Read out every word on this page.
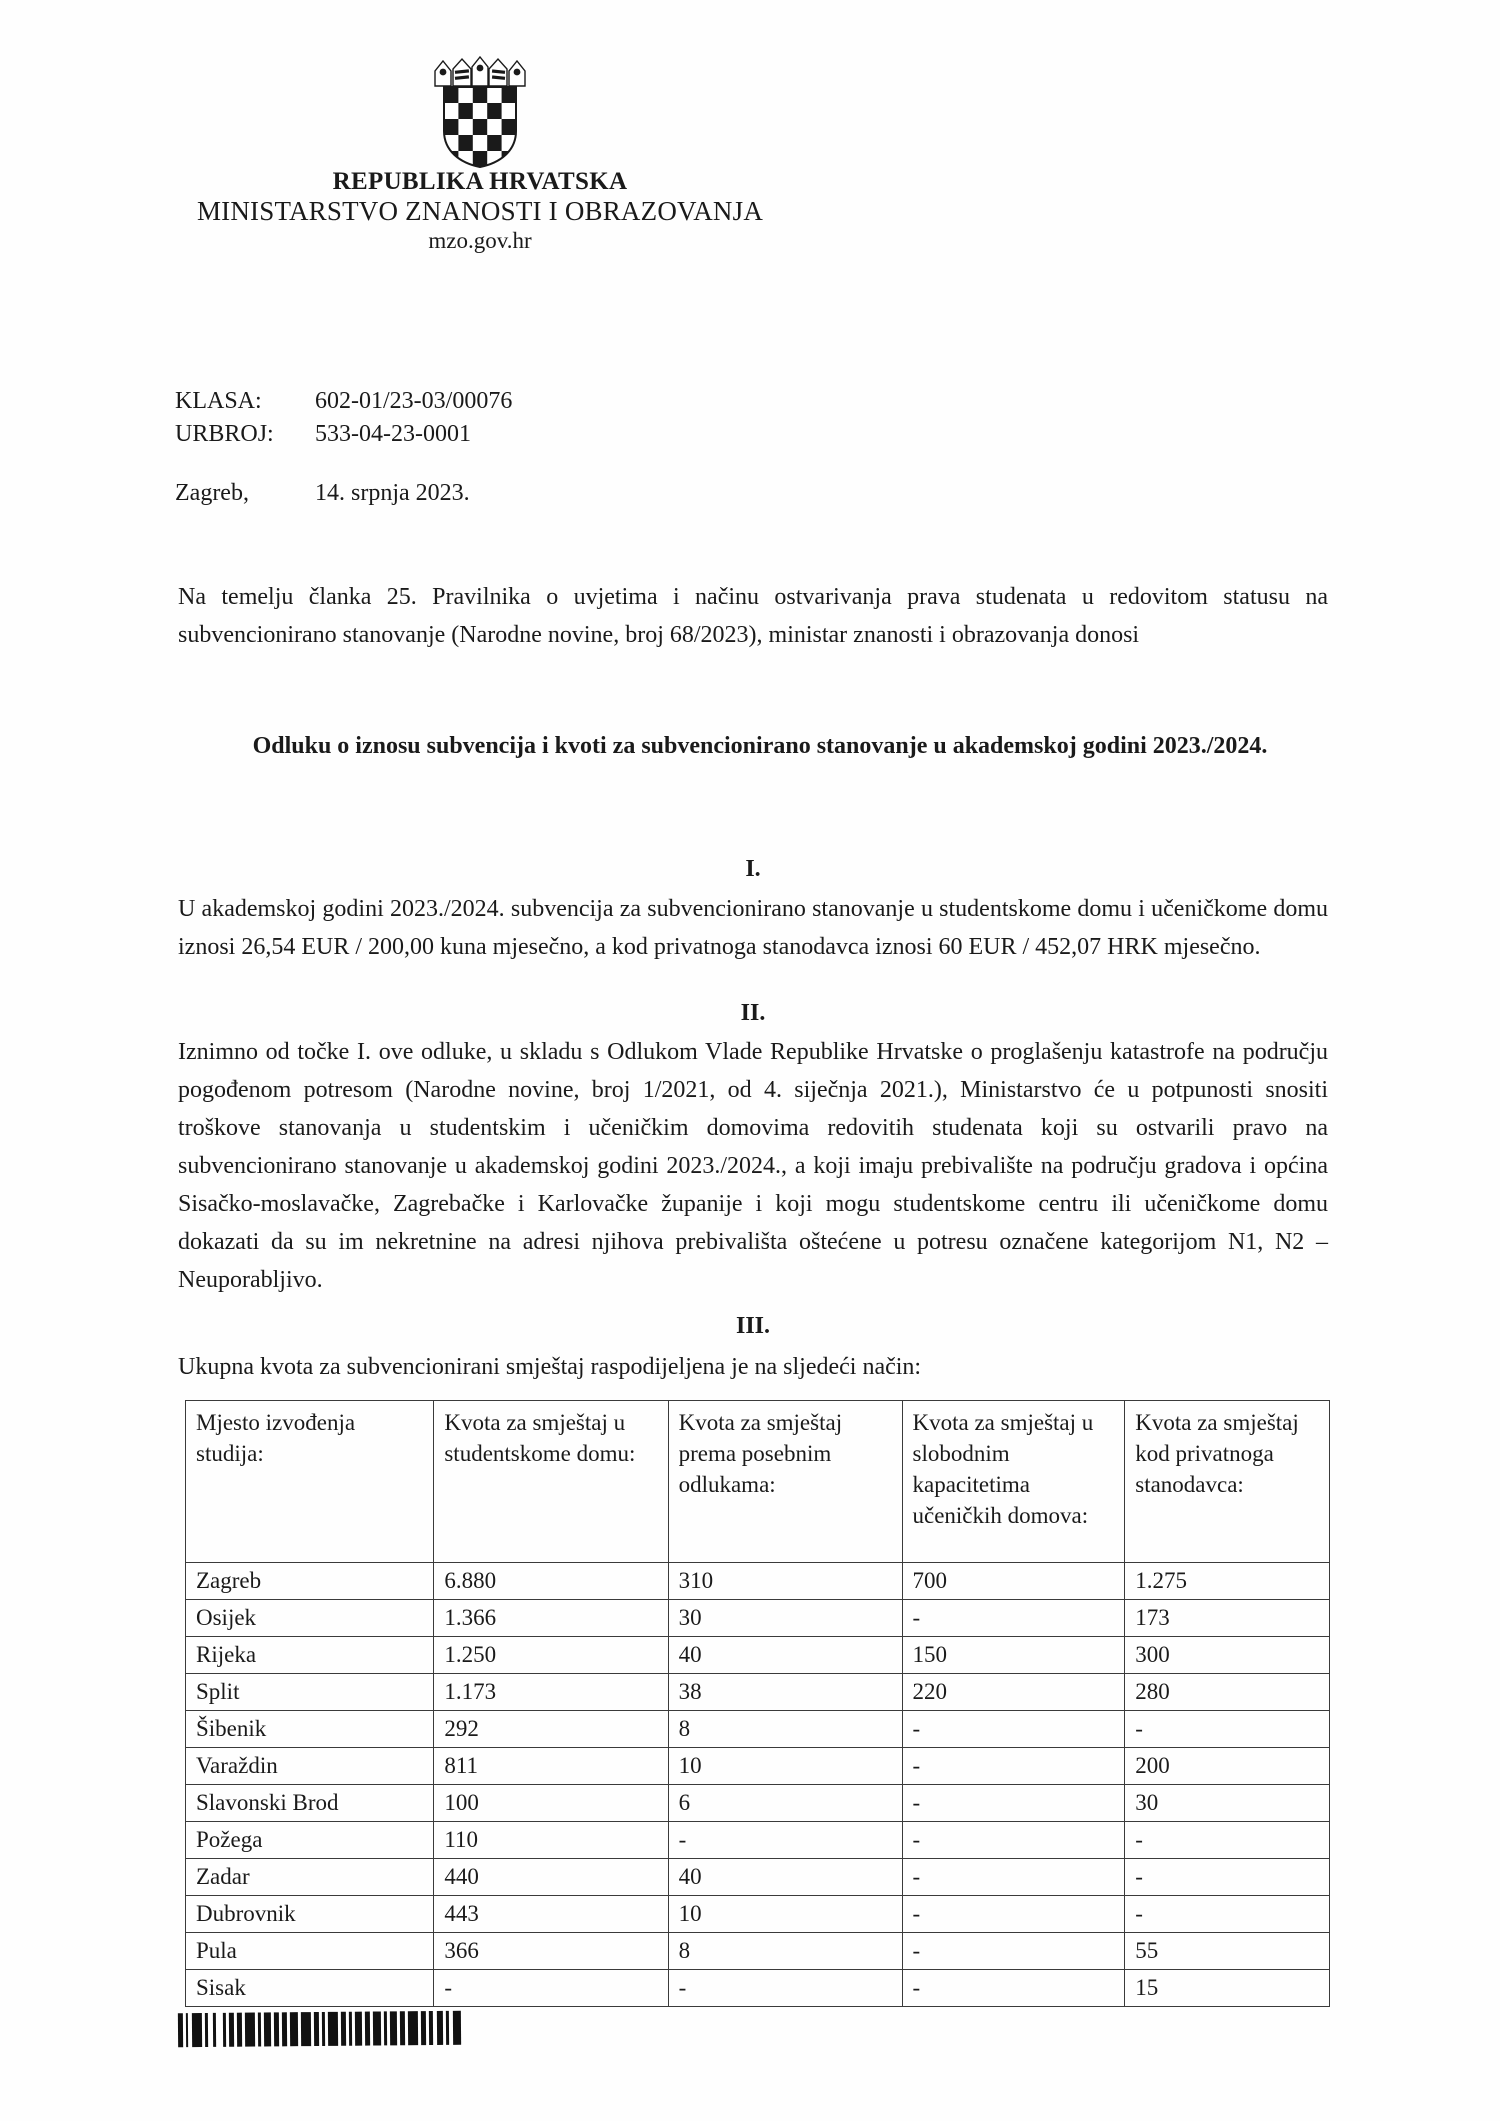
REPUBLIKA HRVATSKA
MINISTARSTVO ZNANOSTI I OBRAZOVANJA
mzo.gov.hr
KLASA:	602-01/23-03/00076
URBROJ:	533-04-23-0001
Zagreb,	14. srpnja 2023.
Na temelju članka 25. Pravilnika o uvjetima i načinu ostvarivanja prava studenata u redovitom statusu na subvencionirano stanovanje (Narodne novine, broj 68/2023), ministar znanosti i obrazovanja donosi
Odluku o iznosu subvencija i kvoti za subvencionirano stanovanje u akademskoj godini 2023./2024.
I.
U akademskoj godini 2023./2024. subvencija za subvencionirano stanovanje u studentskome domu i učeničkome domu iznosi 26,54 EUR / 200,00 kuna mjesečno, a kod privatnoga stanodavca iznosi 60 EUR / 452,07 HRK mjesečno.
II.
Iznimno od točke I. ove odluke, u skladu s Odlukom Vlade Republike Hrvatske o proglašenju katastrofe na području pogođenom potresom (Narodne novine, broj 1/2021, od 4. siječnja 2021.), Ministarstvo će u potpunosti snositi troškove stanovanja u studentskim i učeničkim domovima redovitih studenata koji su ostvarili pravo na subvencionirano stanovanje u akademskoj godini 2023./2024., a koji imaju prebivalište na području gradova i općina Sisačko-moslavačke, Zagrebačke i Karlovačke županije i koji mogu studentskome centru ili učeničkome domu dokazati da su im nekretnine na adresi njihova prebivališta oštećene u potresu označene kategorijom N1, N2 – Neuporabljivo.
III.
Ukupna kvota za subvencionirani smještaj raspodijeljena je na sljedeći način:
Mjesto izvođenja studija:	Kvota za smještaj u studentskome domu:	Kvota za smještaj prema posebnim odlukama:	Kvota za smještaj u slobodnim kapacitetima učeničkih domova:	Kvota za smještaj kod privatnoga stanodavca:
Zagreb	6.880	310	700	1.275
Osijek	1.366	30	-	173
Rijeka	1.250	40	150	300
Split	1.173	38	220	280
Šibenik	292	8	-	-
Varaždin	811	10	-	200
Slavonski Brod	100	6	-	30
Požega	110	-	-	-
Zadar	440	40	-	-
Dubrovnik	443	10	-	-
Pula	366	8	-	55
Sisak	-	-	-	15
